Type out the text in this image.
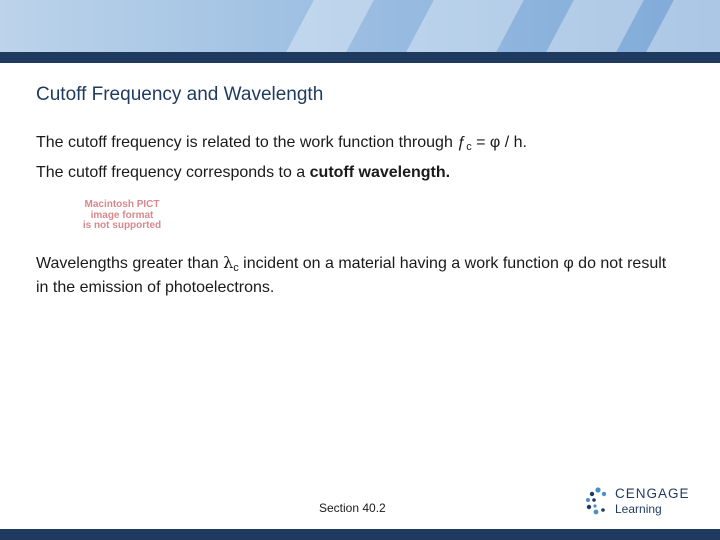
Cutoff Frequency and Wavelength
The cutoff frequency is related to the work function through $ƒ_c = \varphi / h$.
The cutoff frequency corresponds to a cutoff wavelength.
Macintosh PICT
image format
is not supported
Wavelengths greater than $\lambda_c$ incident on a material having a work function φ do not result in the emission of photoelectrons.
Section 40.2
CENGAGE
Learning
